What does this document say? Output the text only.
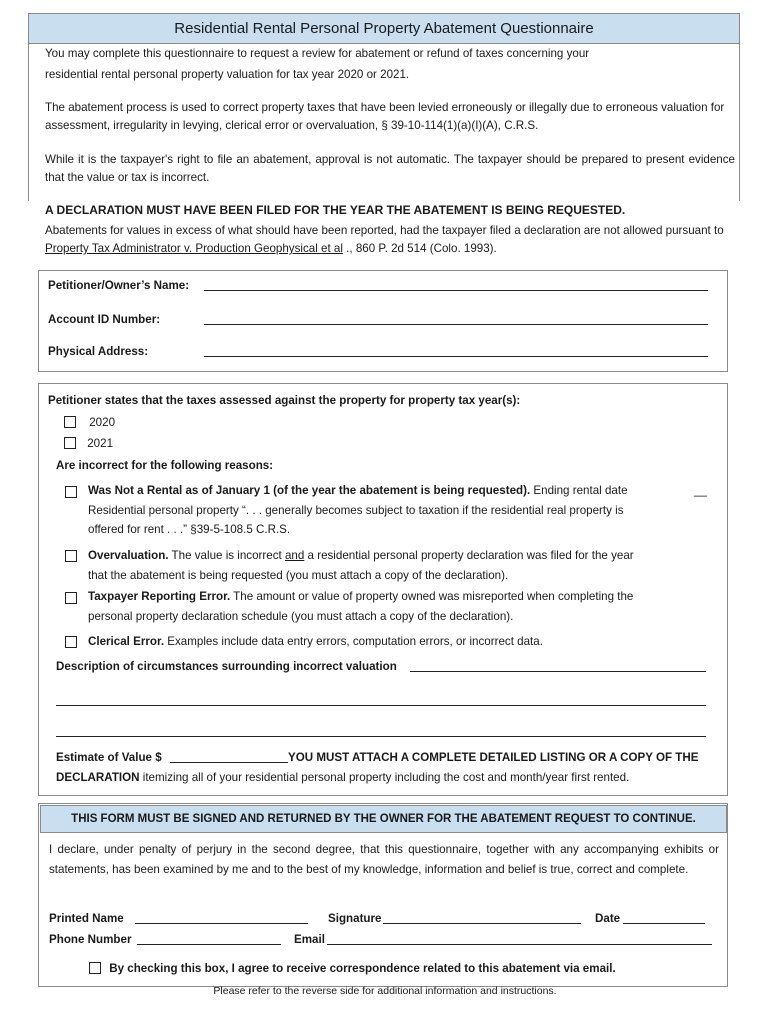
Residential Rental Personal Property Abatement Questionnaire

You may complete this questionnaire to request a review for abatement or refund of taxes concerning your

residential rental personal property valuation for tax year 2020 or 2021.

The abatement process is used to correct property taxes that have been levied erroneously or illegally due to erroneous valuation for assessment, irregularity in levying, clerical error or overvaluation, § 39-10-114(1)(a)(I)(A), C.R.S.
While it is the taxpayer's right to file an abatement, approval is not automatic. The taxpayer should be prepared to present evidence that the value or tax is incorrect.
A DECLARATION MUST HAVE BEEN FILED FOR THE YEAR THE ABATEMENT IS BEING REQUESTED.
Abatements for values in excess of what should have been reported, had the taxpayer filed a declaration are not allowed pursuant to Property Tax Administrator v. Production Geophysical et al ., 860 P. 2d 514 (Colo. 1993).
Petitioner/Owner’s Name:
Account ID Number:
Physical Address:
Petitioner states that the taxes assessed against the property for property tax year(s):
2020
2021
Are incorrect for the following reasons:
Was Not a Rental as of January 1 (of the year the abatement is being requested). Ending rental date	__
Residential personal property “. . . generally becomes subject to taxation if the residential real property is
offered for rent . . .” §39-5-108.5 C.R.S.
Overvaluation. The value is incorrect and a residential personal property declaration was filed for the year
that the abatement is being requested (you must attach a copy of the declaration).
Taxpayer Reporting Error. The amount or value of property owned was misreported when completing the
personal property declaration schedule (you must attach a copy of the declaration).
Clerical Error. Examples include data entry errors, computation errors, or incorrect data.
Description of circumstances surrounding incorrect valuation
Estimate of Value $	YOU MUST ATTACH A COMPLETE DETAILED LISTING OR A COPY OF THE
DECLARATION itemizing all of your residential personal property including the cost and month/year first rented.
THIS FORM MUST BE SIGNED AND RETURNED BY THE OWNER FOR THE ABATEMENT REQUEST TO CONTINUE.
I declare, under penalty of perjury in the second degree, that this questionnaire, together with any accompanying exhibits or statements, has been examined by me and to the best of my knowledge, information and belief is true, correct and complete.
Printed Name	Signature	Date
Phone Number	Email
By checking this box, I agree to receive correspondence related to this abatement via email.
Please refer to the reverse side for additional information and instructions.
